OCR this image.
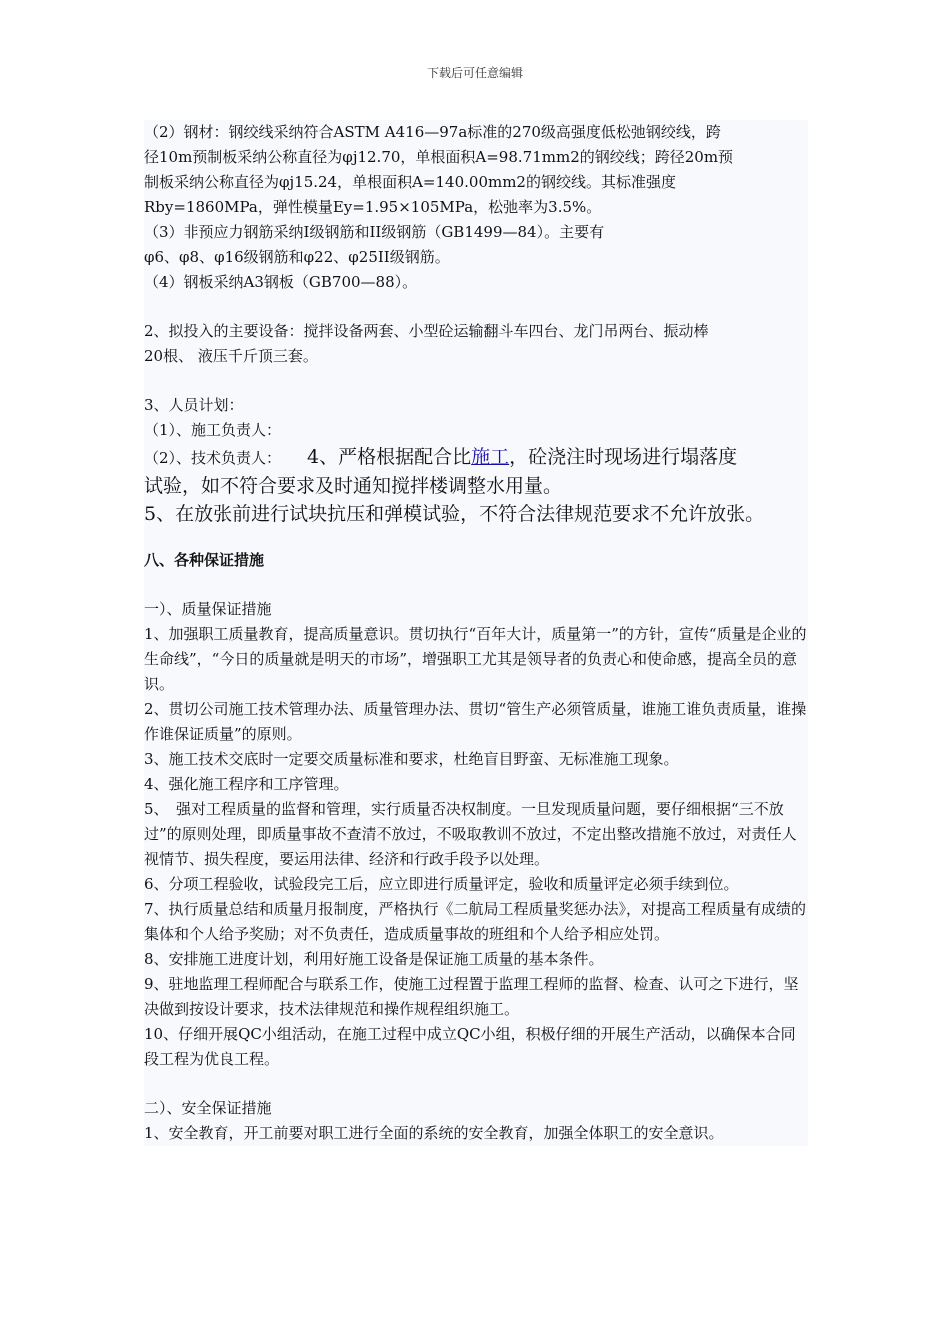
下载后可任意编辑

（2）钢材：钢绞线采纳符合ASTM A416—97a标准的270级高强度低松弛钢绞线，跨

径10m预制板采纳公称直径为φj12.70，单根面积A=98.71mm2的钢绞线；跨径20m预

制板采纳公称直径为φj15.24，单根面积A=140.00mm2的钢绞线。其标准强度

Rby=1860MPa，弹性模量Ey=1.95×105MPa，松弛率为3.5%。

（3）非预应力钢筋采纳Ⅰ级钢筋和II级钢筋（GB1499—84）。主要有

φ6、φ8、φ16级钢筋和φ22、φ25II级钢筋。

（4）钢板采纳A3钢板（GB700—88）。

2、拟投入的主要设备：搅拌设备两套、小型砼运输翻斗车四台、龙门吊两台、振动棒

20根、 液压千斤顶三套。

3、人员计划：

（1）、施工负责人：

（2）、技术负责人： 4、严格根据配合比施工，砼浇注时现场进行塌落度

试验，如不符合要求及时通知搅拌楼调整水用量。

5、在放张前进行试块抗压和弹模试验，不符合法律规范要求不允许放张。

八、各种保证措施

一）、质量保证措施

1、加强职工质量教育，提高质量意识。贯切执行“百年大计，质量第一”的方针，宣传“质量是企业的生命线”，“今日的质量就是明天的市场”，增强职工尤其是领导者的负责心和使命感，提高全员的意识。

2、贯切公司施工技术管理办法、质量管理办法、贯切“管生产必须管质量，谁施工谁负责质量，谁操作谁保证质量”的原则。

3、施工技术交底时一定要交质量标准和要求，杜绝盲目野蛮、无标准施工现象。

4、强化施工程序和工序管理。

5、　强对工程质量的监督和管理，实行质量否决权制度。一旦发现质量问题，要仔细根据“三不放过”的原则处理，即质量事故不查清不放过，不吸取教训不放过，不定出整改措施不放过，对责任人视情节、损失程度，要运用法律、经济和行政手段予以处理。

6、分项工程验收，试验段完工后，应立即进行质量评定，验收和质量评定必须手续到位。

7、执行质量总结和质量月报制度，严格执行《二航局工程质量奖惩办法》，对提高工程质量有成绩的集体和个人给予奖励；对不负责任，造成质量事故的班组和个人给予相应处罚。

8、安排施工进度计划，利用好施工设备是保证施工质量的基本条件。

9、驻地监理工程师配合与联系工作，使施工过程置于监理工程师的监督、检查、认可之下进行，坚决做到按设计要求，技术法律规范和操作规程组织施工。

10、仔细开展QC小组活动，在施工过程中成立QC小组，积极仔细的开展生产活动，以确保本合同段工程为优良工程。

二）、安全保证措施

1、安全教育，开工前要对职工进行全面的系统的安全教育，加强全体职工的安全意识。
